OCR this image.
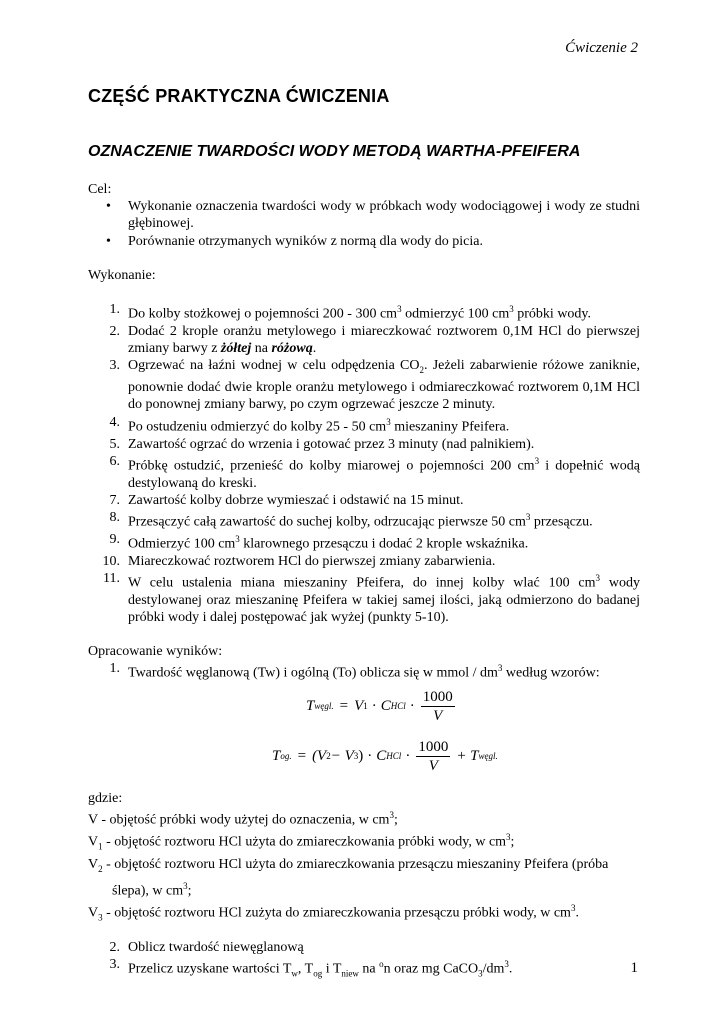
Ćwiczenie 2
CZĘŚĆ PRAKTYCZNA ĆWICZENIA
OZNACZENIE TWARDOŚCI WODY METODĄ WARTHA-PFEIFERA

Cel:

• Wykonanie oznaczenia twardości wody w próbkach wody wodociągowej i wody ze studni głębinowej.
• Porównanie otrzymanych wyników z normą dla wody do picia.

Wykonanie:

1. Do kolby stożkowej o pojemności 200 - 300 $cm^3$ odmierzyć 100 $cm^3$ próbki wody.
2. Dodać 2 krople oranżu metylowego i miareczkować roztworem 0,1M HCl do pierwszej zmiany barwy z żółtej na różową.
3. Ogrzewać na łaźni wodnej w celu odpędzenia $CO_2$. Jeżeli zabarwienie różowe zaniknie, ponownie dodać dwie krople oranżu metylowego i odmiareczkować roztworem 0,1M HCl do ponownej zmiany barwy, po czym ogrzewać jeszcze 2 minuty.
4. Po ostudzeniu odmierzyć do kolby 25 - 50 $cm^3$ mieszaniny Pfeifera.
5. Zawartość ogrzać do wrzenia i gotować przez 3 minuty (nad palnikiem).
6. Próbkę ostudzić, przenieść do kolby miarowej o pojemności 200 $cm^3$ i dopełnić wodą destylowaną do kreski.
7. Zawartość kolby dobrze wymieszać i odstawić na 15 minut.
8. Przesączyć całą zawartość do suchej kolby, odrzucając pierwsze 50 $cm^3$ przesączu.
9. Odmierzyć 100 $cm^3$ klarownego przesączu i dodać 2 krople wskaźnika.
10. Miareczkować roztworem HCl do pierwszej zmiany zabarwienia.
11. W celu ustalenia miana mieszaniny Pfeifera, do innej kolby wlać 100 $cm^3$ wody destylowanej oraz mieszaninę Pfeifera w takiej samej ilości, jaką odmierzono do badanej próbki wody i dalej postępować jak wyżej (punkty 5-10).

Opracowanie wyników:

1. Twardość węglanową (Tw) i ogólną (To) oblicza się w mmol / $dm^3$ według wzorów:
T węgl. = V 1 · C HCl · $\frac{1000}{V}$
T og. = (V 2 − V 3 ) · C HCl · $\frac{1000}{V} + T$ węgl.

gdzie:

V - objętość próbki wody użytej do oznaczenia, w $cm^3$;

$V_1$ - objętość roztworu HCl użyta do zmiareczkowania próbki wody, w $cm^3$;

$V_2$ - objętość roztworu HCl użyta do zmiareczkowania przesączu mieszaniny Pfeifera (próba ślepa), w $cm^3$;

$V_3$ - objętość roztworu HCl zużyta do zmiareczkowania przesączu próbki wody, w $cm^3$.

2. Oblicz twardość niewęglanową
3. Przelicz uzyskane wartości $T_w$, $T_{og}$ i $T_{niew}$ na $^o$n oraz mg $CaCO_3/dm^3$.	1
